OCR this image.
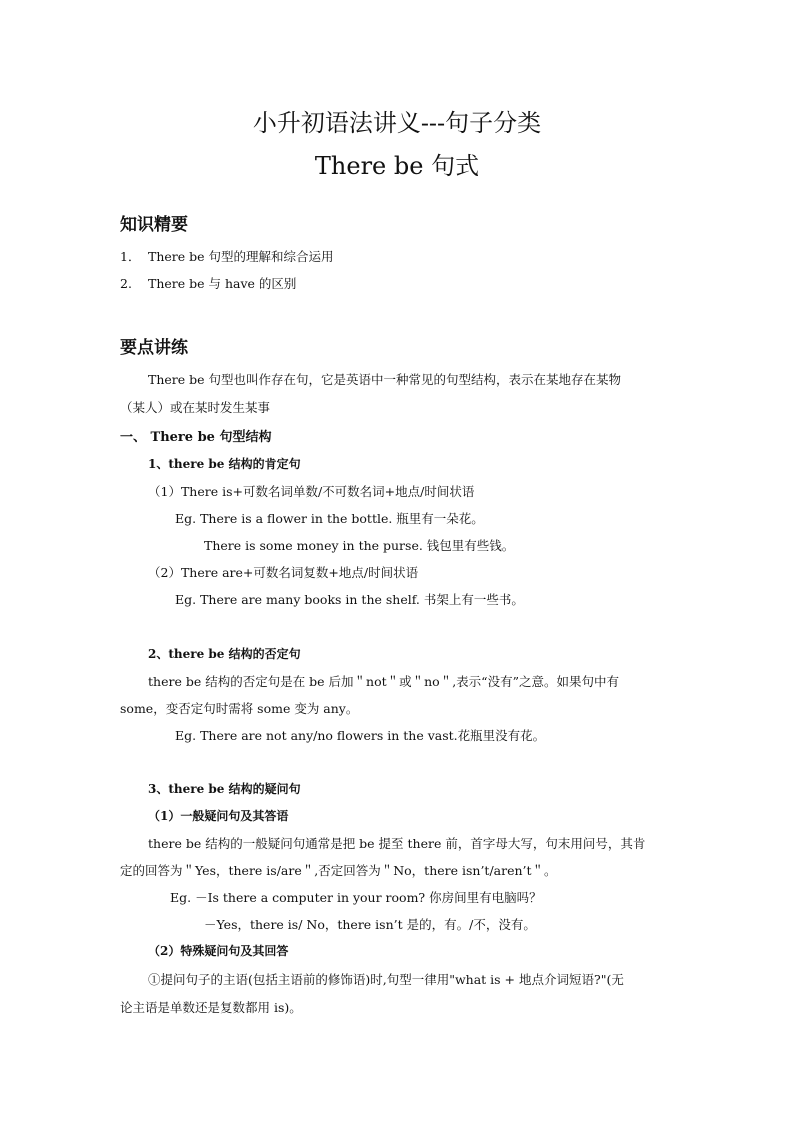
小升初语法讲义---句子分类
There be 句式
知识精要
1． There be 句型的理解和综合运用
2. There be 与 have 的区别
要点讲练
There be 句型也叫作存在句，它是英语中一种常见的句型结构，表示在某地存在某物
（某人）或在某时发生某事
一、 There be 句型结构
1、there be 结构的肯定句
（1）There is+可数名词单数/不可数名词+地点/时间状语
Eg. There is a flower in the bottle. 瓶里有一朵花。
There is some money in the purse. 钱包里有些钱。
（2）There are+可数名词复数+地点/时间状语
Eg. There are many books in the shelf. 书架上有一些书。
2、there be 结构的否定句
there be 结构的否定句是在 be 后加＂not＂或＂no＂,表示“没有”之意。如果句中有
some，变否定句时需将 some 变为 any。
Eg. There are not any/no flowers in the vast.花瓶里没有花。
3、there be 结构的疑问句
（1）一般疑问句及其答语
there be 结构的一般疑问句通常是把 be 提至 there 前，首字母大写，句末用问号，其肯
定的回答为＂Yes，there is/are＂,否定回答为＂No，there isn’t/aren’t＂。
Eg. －Is there a computer in your room? 你房间里有电脑吗？
－Yes，there is/ No，there isn’t 是的，有。/不，没有。
（2）特殊疑问句及其回答
①提问句子的主语(包括主语前的修饰语)时,句型一律用"what is + 地点介词短语?"(无
论主语是单数还是复数都用 is)。
